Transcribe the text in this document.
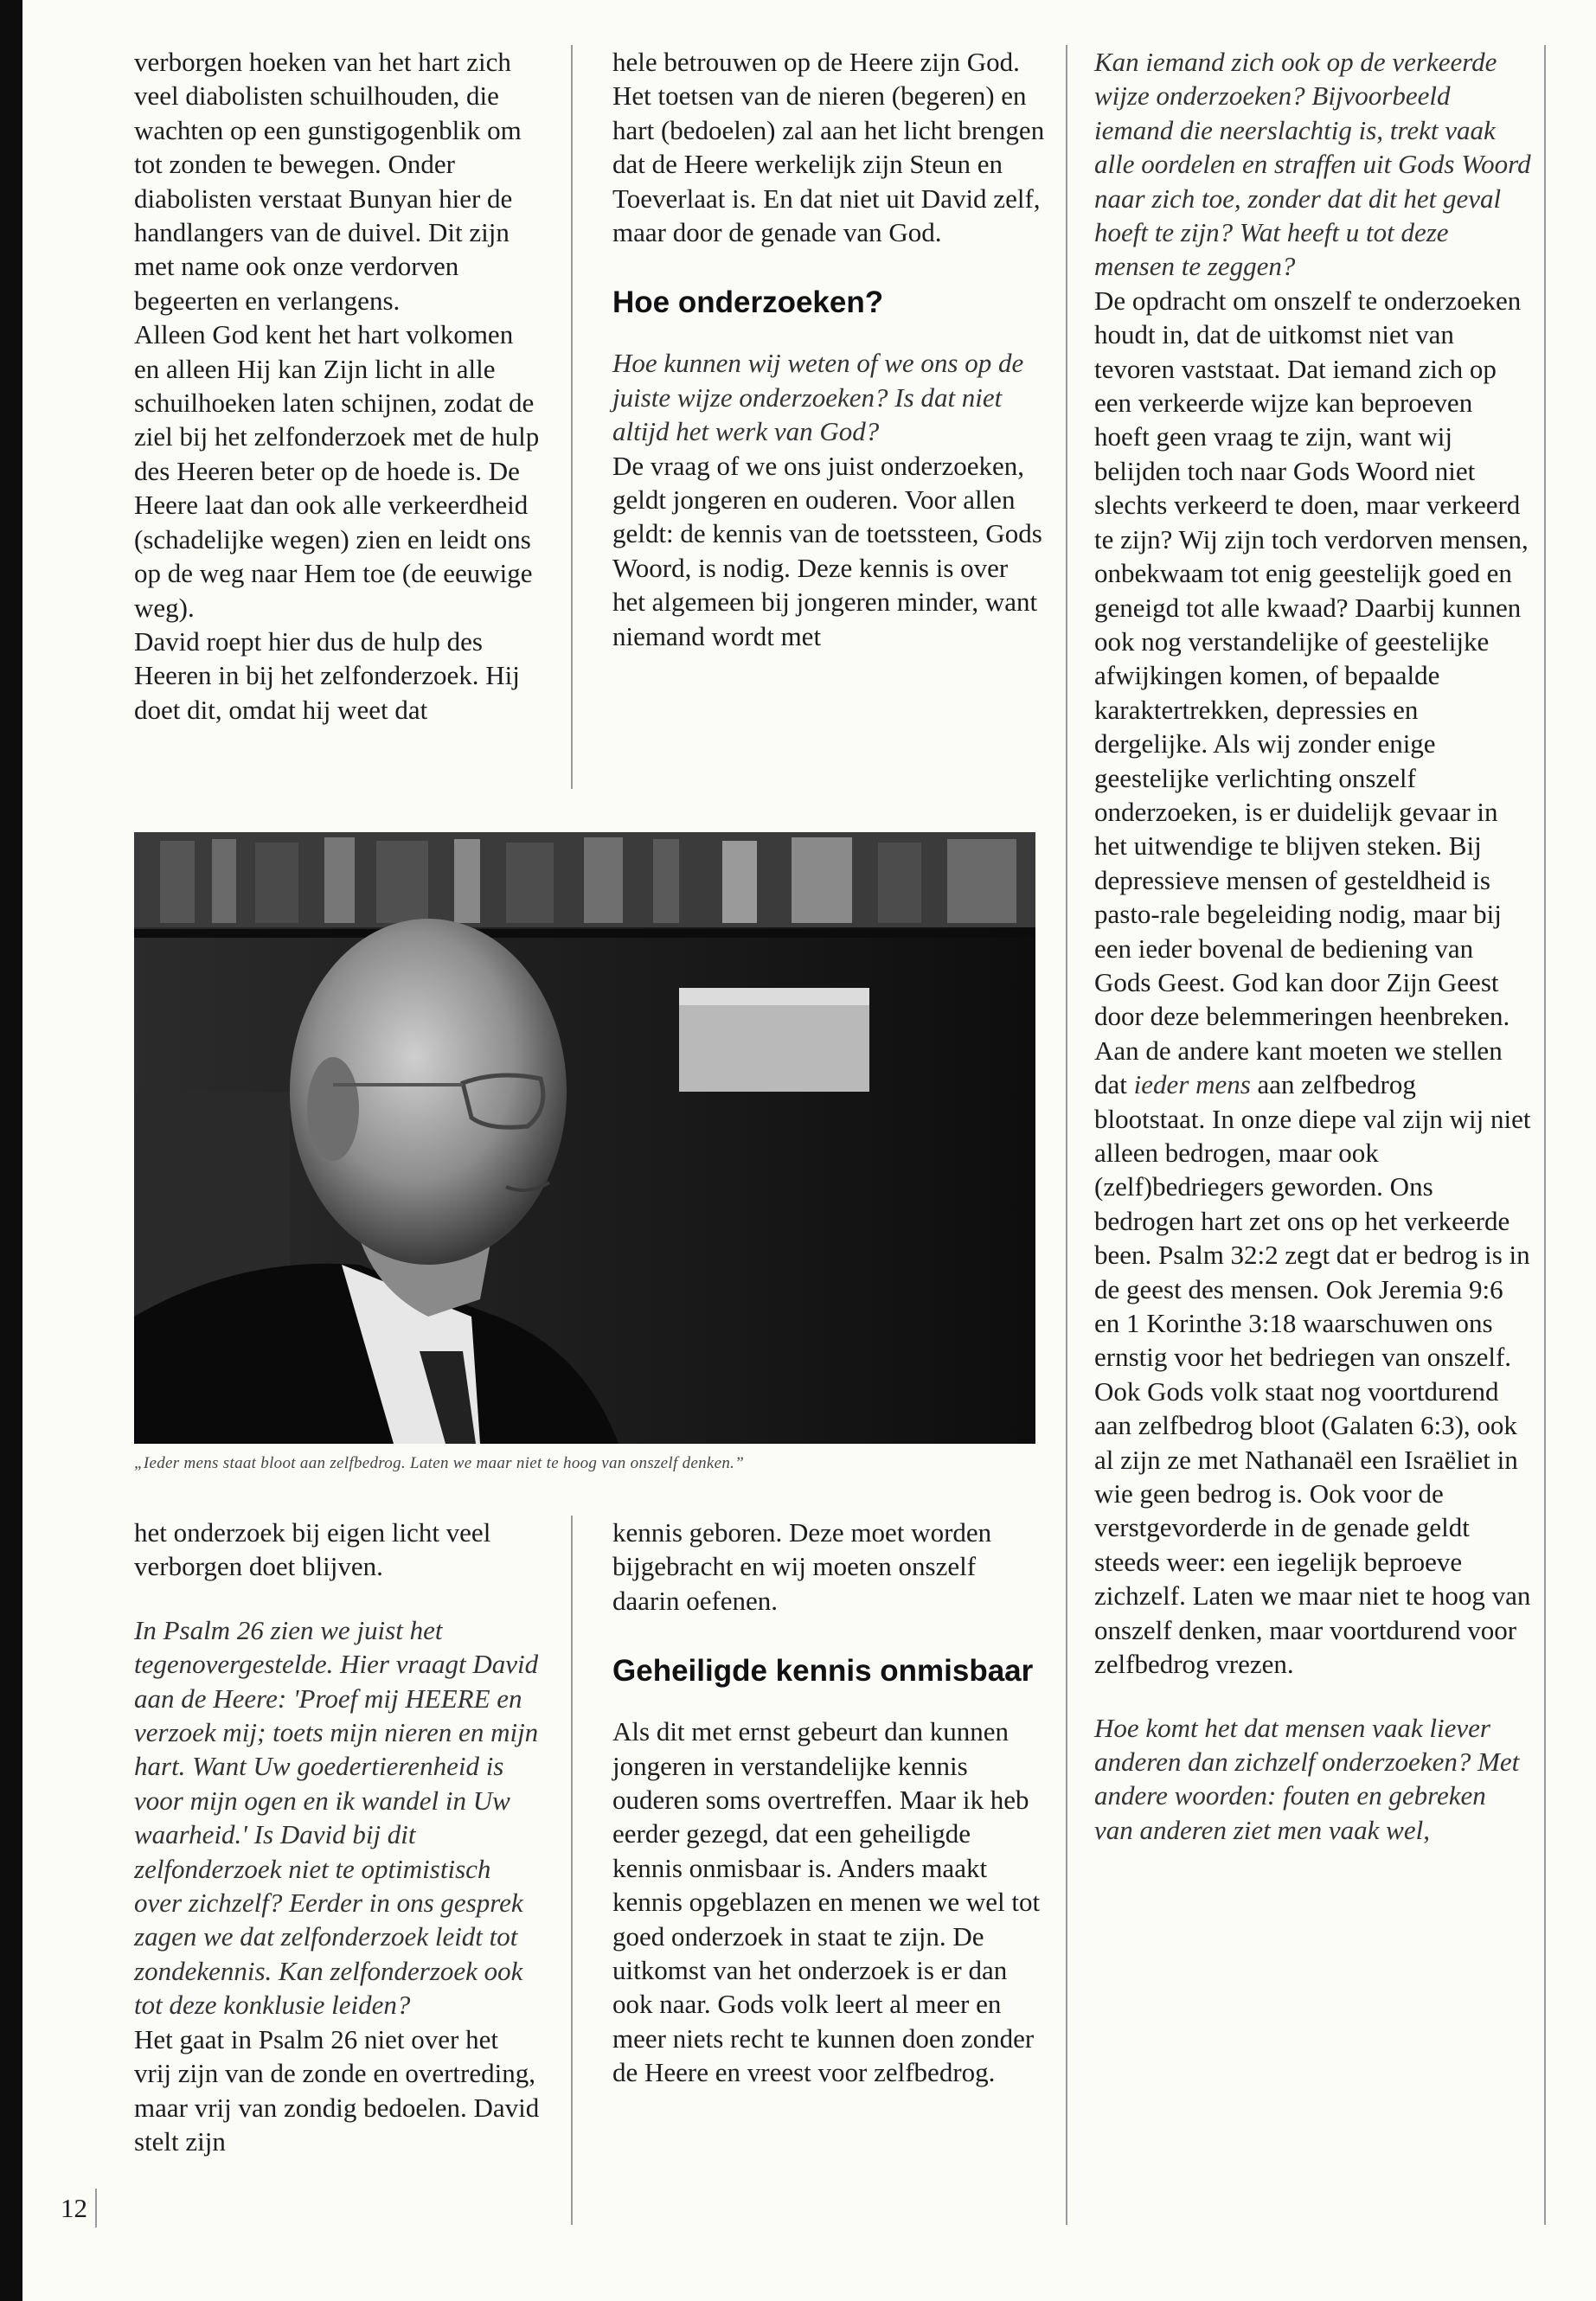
verborgen hoeken van het hart zich veel diabolisten schuilhouden, die wachten op een gunstigogenblik om tot zonden te bewegen. Onder diabolisten verstaat Bunyan hier de handlangers van de duivel. Dit zijn met name ook onze verdorven begeerten en verlangens.

Alleen God kent het hart volkomen en alleen Hij kan Zijn licht in alle schuilhoeken laten schijnen, zodat de ziel bij het zelfonderzoek met de hulp des Heeren beter op de hoede is. De Heere laat dan ook alle verkeerdheid (schadelijke wegen) zien en leidt ons op de weg naar Hem toe (de eeuwige weg).

David roept hier dus de hulp des Heeren in bij het zelfonderzoek. Hij doet dit, omdat hij weet dat

hele betrouwen op de Heere zijn God. Het toetsen van de nieren (begeren) en hart (bedoelen) zal aan het licht brengen dat de Heere werkelijk zijn Steun en Toeverlaat is. En dat niet uit David zelf, maar door de genade van God.

Hoe onderzoeken?

Hoe kunnen wij weten of we ons op de juiste wijze onderzoeken? Is dat niet altijd het werk van God?

De vraag of we ons juist onderzoeken, geldt jongeren en ouderen. Voor allen geldt: de kennis van de toetssteen, Gods Woord, is nodig. Deze kennis is over het algemeen bij jongeren minder, want niemand wordt met

„Ieder mens staat bloot aan zelfbedrog. Laten we maar niet te hoog van onszelf denken.”

het onderzoek bij eigen licht veel verborgen doet blijven.

In Psalm 26 zien we juist het tegenovergestelde. Hier vraagt David aan de Heere: 'Proef mij HEERE en verzoek mij; toets mijn nieren en mijn hart. Want Uw goedertierenheid is voor mijn ogen en ik wandel in Uw waarheid.' Is David bij dit zelfonderzoek niet te optimistisch over zichzelf? Eerder in ons gesprek zagen we dat zelfonderzoek leidt tot zondekennis. Kan zelfonderzoek ook tot deze konklusie leiden?

Het gaat in Psalm 26 niet over het vrij zijn van de zonde en overtreding, maar vrij van zondig bedoelen. David stelt zijn

kennis geboren. Deze moet worden bijgebracht en wij moeten onszelf daarin oefenen.

Geheiligde kennis onmisbaar

Als dit met ernst gebeurt dan kunnen jongeren in verstandelijke kennis ouderen soms overtreffen. Maar ik heb eerder gezegd, dat een geheiligde kennis onmisbaar is. Anders maakt kennis opgeblazen en menen we wel tot goed onderzoek in staat te zijn. De uitkomst van het onderzoek is er dan ook naar. Gods volk leert al meer en meer niets recht te kunnen doen zonder de Heere en vreest voor zelfbedrog.

Kan iemand zich ook op de verkeerde wijze onderzoeken? Bijvoorbeeld iemand die neerslachtig is, trekt vaak alle oordelen en straffen uit Gods Woord naar zich toe, zonder dat dit het geval hoeft te zijn? Wat heeft u tot deze mensen te zeggen?

De opdracht om onszelf te onderzoeken houdt in, dat de uitkomst niet van tevoren vaststaat. Dat iemand zich op een verkeerde wijze kan beproeven hoeft geen vraag te zijn, want wij belijden toch naar Gods Woord niet slechts verkeerd te doen, maar verkeerd te zijn? Wij zijn toch verdorven mensen, onbekwaam tot enig geestelijk goed en geneigd tot alle kwaad? Daarbij kunnen ook nog verstandelijke of geestelijke afwijkingen komen, of bepaalde karaktertrekken, depressies en dergelijke. Als wij zonder enige geestelijke verlichting onszelf onderzoeken, is er duidelijk gevaar in het uitwendige te blijven steken. Bij depressieve mensen of gesteldheid is pasto-rale begeleiding nodig, maar bij een ieder bovenal de bediening van Gods Geest. God kan door Zijn Geest door deze belemmeringen heenbreken.

Aan de andere kant moeten we stellen dat ieder mens aan zelfbedrog blootstaat. In onze diepe val zijn wij niet alleen bedrogen, maar ook (zelf)bedriegers geworden. Ons bedrogen hart zet ons op het verkeerde been. Psalm 32:2 zegt dat er bedrog is in de geest des mensen. Ook Jeremia 9:6 en 1 Korinthe 3:18 waarschuwen ons ernstig voor het bedriegen van onszelf. Ook Gods volk staat nog voortdurend aan zelfbedrog bloot (Galaten 6:3), ook al zijn ze met Nathanaël een Israëliet in wie geen bedrog is. Ook voor de verstgevorderde in de genade geldt steeds weer: een iegelijk beproeve zichzelf. Laten we maar niet te hoog van onszelf denken, maar voortdurend voor zelfbedrog vrezen.

Hoe komt het dat mensen vaak liever anderen dan zichzelf onderzoeken? Met andere woorden: fouten en gebreken van anderen ziet men vaak wel,

12
